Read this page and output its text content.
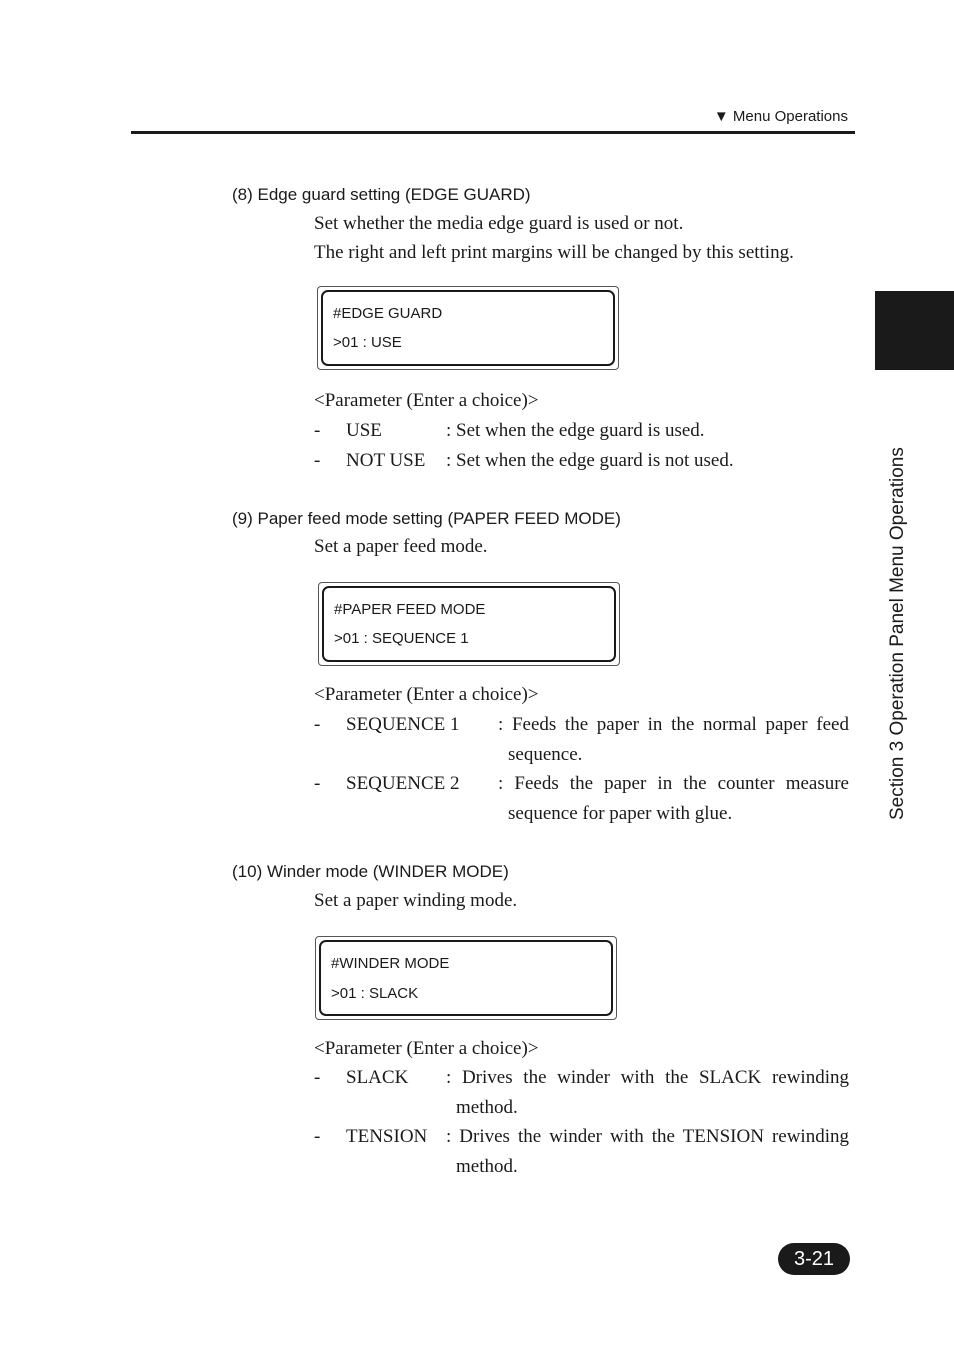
▼ Menu Operations
(8) Edge guard setting (EDGE GUARD)
Set whether the media edge guard is used or not.
The right and left print margins will be changed by this setting.
#EDGE GUARD
>01 : USE
<Parameter (Enter a choice)>
- USE	: Set when the edge guard is used.
- NOT USE : Set when the edge guard is not used.
(9) Paper feed mode setting (PAPER FEED MODE)
Set a paper feed mode.
#PAPER FEED MODE
>01 : SEQUENCE 1
<Parameter (Enter a choice)>
- SEQUENCE 1 : Feeds the paper in the normal paper feed
sequence.
- SEQUENCE 2 : Feeds the paper in the counter measure
sequence for paper with glue.
(10) Winder mode (WINDER MODE)
Set a paper winding mode.
#WINDER MODE
>01 : SLACK
<Parameter (Enter a choice)>
- SLACK : Drives the winder with the SLACK rewinding
method.
- TENSION : Drives the winder with the TENSION rewinding
method.
Section 3 Operation Panel Menu Operations
3-21
